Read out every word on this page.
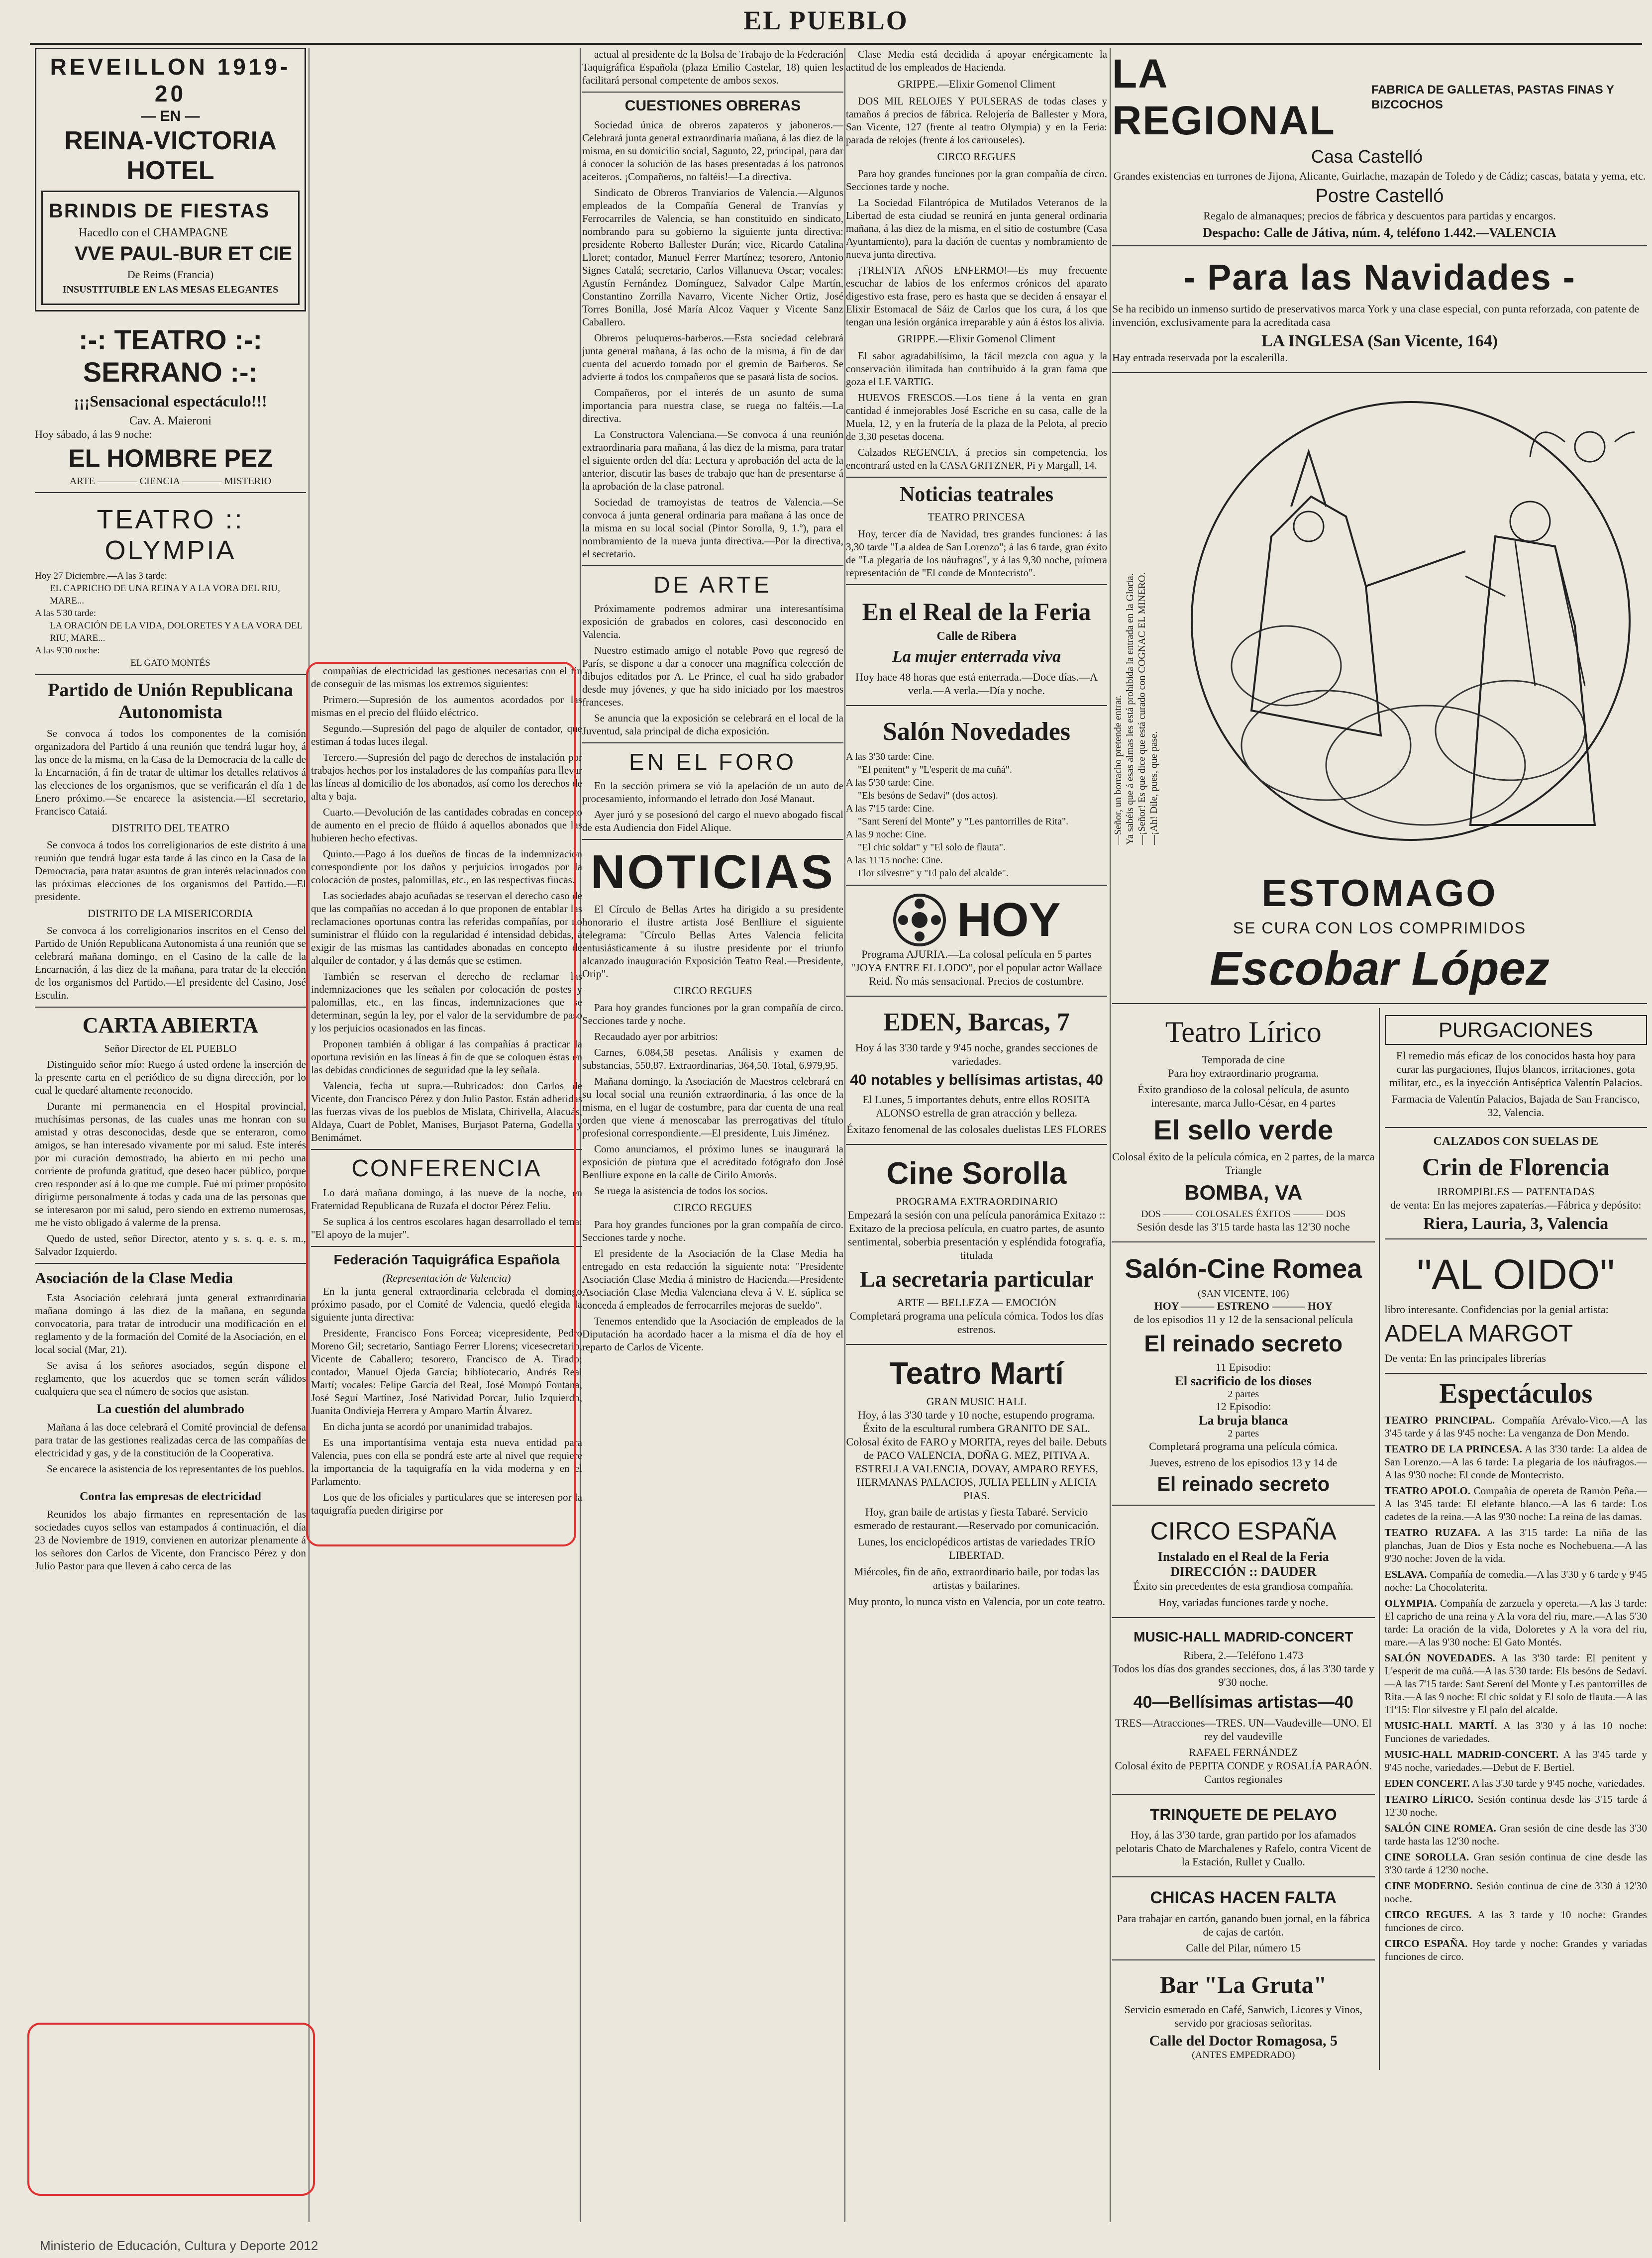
EL PUEBLO
REVEILLON 1919-20
— EN —
REINA-VICTORIA HOTEL
BRINDIS DE FIESTAS
Hacedlo con el CHAMPAGNE
VVE PAUL-BUR ET CIE
De Reims (Francia)
INSUSTITUIBLE EN LAS MESAS ELEGANTES
:-: TEATRO :-: SERRANO :-:
¡¡¡Sensacional espectáculo!!!
Cav. A. Maieroni
Hoy sábado, á las 9 noche:
EL HOMBRE PEZ
ARTE ———— CIENCIA ———— MISTERIO
TEATRO :: OLYMPIA
Hoy 27 Diciembre.—A las 3 tarde:
EL CAPRICHO DE UNA REINA Y A LA VORA DEL RIU, MARE...
A las 5'30 tarde:
LA ORACIÓN DE LA VIDA, DOLORETES Y A LA VORA DEL RIU, MARE...
A las 9'30 noche:
EL GATO MONTÉS
Partido de Unión Republicana Autonomista

Se convoca á todos los componentes de la comisión organizadora del Partido á una reunión que tendrá lugar hoy, á las once de la misma, en la Casa de la Democracia de la calle de la Encarnación, á fin de tratar de ultimar los detalles relativos á las elecciones de los organismos, que se verificarán el día 1 de Enero próximo.—Se encarece la asistencia.—El secretario, Francisco Cataiá.

DISTRITO DEL TEATRO

Se convoca á todos los correligionarios de este distrito á una reunión que tendrá lugar esta tarde á las cinco en la Casa de la Democracia, para tratar asuntos de gran interés relacionados con las próximas elecciones de los organismos del Partido.—El presidente.

DISTRITO DE LA MISERICORDIA

Se convoca á los correligionarios inscritos en el Censo del Partido de Unión Republicana Autonomista á una reunión que se celebrará mañana domingo, en el Casino de la calle de la Encarnación, á las diez de la mañana, para tratar de la elección de los organismos del Partido.—El presidente del Casino, José Esculin.

CARTA ABIERTA

Señor Director de EL PUEBLO

Distinguido señor mío: Ruego á usted ordene la inserción de la presente carta en el periódico de su digna dirección, por lo cual le quedaré altamente reconocido.

Durante mi permanencia en el Hospital provincial, muchísimas personas, de las cuales unas me honran con su amistad y otras desconocidas, desde que se enteraron, como amigos, se han interesado vivamente por mi salud. Este interés por mi curación demostrado, ha abierto en mi pecho una corriente de profunda gratitud, que deseo hacer público, porque creo responder así á lo que me cumple. Fué mi primer propósito dirigirme personalmente á todas y cada una de las personas que se interesaron por mi salud, pero siendo en extremo numerosas, me he visto obligado á valerme de la prensa.

Quedo de usted, señor Director, atento y s. s. q. e. s. m., Salvador Izquierdo.

Asociación de la Clase Media

Esta Asociación celebrará junta general extraordinaria mañana domingo á las diez de la mañana, en segunda convocatoria, para tratar de introducir una modificación en el reglamento y de la formación del Comité de la Asociación, en el local social (Mar, 21).

Se avisa á los señores asociados, según dispone el reglamento, que los acuerdos que se tomen serán válidos cualquiera que sea el número de socios que asistan.

La cuestión del alumbrado

Mañana á las doce celebrará el Comité provincial de defensa para tratar de las gestiones realizadas cerca de las compañías de electricidad y gas, y de la constitución de la Cooperativa.

Se encarece la asistencia de los representantes de los pueblos.

Contra las empresas de electricidad

Reunidos los abajo firmantes en representación de las sociedades cuyos sellos van estampados á continuación, el día 23 de Noviembre de 1919, convienen en autorizar plenamente á los señores don Carlos de Vicente, don Francisco Pérez y don Julio Pastor para que lleven á cabo cerca de las

compañías de electricidad las gestiones necesarias con el fin de conseguir de las mismas los extremos siguientes:

Primero.—Supresión de los aumentos acordados por las mismas en el precio del flúido eléctrico.

Segundo.—Supresión del pago de alquiler de contador, que estiman á todas luces ilegal.

Tercero.—Supresión del pago de derechos de instalación por trabajos hechos por los instaladores de las compañías para llevar las líneas al domicilio de los abonados, así como los derechos de alta y baja.

Cuarto.—Devolución de las cantidades cobradas en concepto de aumento en el precio de flúido á aquellos abonados que las hubieren hecho efectivas.

Quinto.—Pago á los dueños de fincas de la indemnización correspondiente por los daños y perjuicios irrogados por la colocación de postes, palomillas, etc., en las respectivas fincas.

Las sociedades abajo acuñadas se reservan el derecho caso de que las compañías no accedan á lo que proponen de entablar las reclamaciones oportunas contra las referidas compañías, por no suministrar el flúido con la regularidad é intensidad debidas, á exigir de las mismas las cantidades abonadas en concepto de alquiler de contador, y á las demás que se estimen.

También se reservan el derecho de reclamar las indemnizaciones que les señalen por colocación de postes y palomillas, etc., en las fincas, indemnizaciones que se determinan, según la ley, por el valor de la servidumbre de paso y los perjuicios ocasionados en las fincas.

Proponen también á obligar á las compañías á practicar la oportuna revisión en las líneas á fin de que se coloquen éstas en las debidas condiciones de seguridad que la ley señala.

Valencia, fecha ut supra.—Rubricados: don Carlos de Vicente, don Francisco Pérez y don Julio Pastor. Están adheridas las fuerzas vivas de los pueblos de Mislata, Chirivella, Alacuás, Aldaya, Cuart de Poblet, Manises, Burjasot Paterna, Godella y Benimámet.

CONFERENCIA

Lo dará mañana domingo, á las nueve de la noche, en Fraternidad Republicana de Ruzafa el doctor Pérez Feliu.

Se suplica á los centros escolares hagan desarrollado el tema: "El apoyo de la mujer".

Federación Taquigráfica Española
(Representación de Valencia)

En la junta general extraordinaria celebrada el domingo próximo pasado, por el Comité de Valencia, quedó elegida la siguiente junta directiva:

Presidente, Francisco Fons Forcea; vicepresidente, Pedro Moreno Gil; secretario, Santiago Ferrer Llorens; vicesecretario, Vicente de Caballero; tesorero, Francisco de A. Tirado; contador, Manuel Ojeda García; bibliotecario, Andrés Real Martí; vocales: Felipe García del Real, José Mompó Fontana, José Seguí Martínez, José Natividad Porcar, Julio Izquierdo, Juanita Ondivieja Herrera y Amparo Martín Álvarez.

En dicha junta se acordó por unanimidad trabajos.

Es una importantísima ventaja esta nueva entidad para Valencia, pues con ella se pondrá este arte al nivel que requiere la importancia de la taquigrafía en la vida moderna y en el Parlamento.

Los que de los oficiales y particulares que se interesen por la taquigrafía pueden dirigirse por

actual al presidente de la Bolsa de Trabajo de la Federación Taquigráfica Española (plaza Emilio Castelar, 18) quien les facilitará personal competente de ambos sexos.

CUESTIONES OBRERAS

Sociedad única de obreros zapateros y jaboneros.—Celebrará junta general extraordinaria mañana, á las diez de la misma, en su domicilio social, Sagunto, 22, principal, para dar á conocer la solución de las bases presentadas á los patronos aceiteros. ¡Compañeros, no faltéis!—La directiva.

Sindicato de Obreros Tranviarios de Valencia.—Algunos empleados de la Compañía General de Tranvías y Ferrocarriles de Valencia, se han constituido en sindicato, nombrando para su gobierno la siguiente junta directiva: presidente Roberto Ballester Durán; vice, Ricardo Catalina Lloret; contador, Manuel Ferrer Martínez; tesorero, Antonio Signes Catalá; secretario, Carlos Villanueva Oscar; vocales: Agustín Fernández Domínguez, Salvador Calpe Martín, Constantino Zorrilla Navarro, Vicente Nicher Ortiz, José Torres Bonilla, José María Alcoz Vaquer y Vicente Sanz Caballero.

Obreros peluqueros-barberos.—Esta sociedad celebrará junta general mañana, á las ocho de la misma, á fin de dar cuenta del acuerdo tomado por el gremio de Barberos. Se advierte á todos los compañeros que se pasará lista de socios.

Compañeros, por el interés de un asunto de suma importancia para nuestra clase, se ruega no faltéis.—La directiva.

La Constructora Valenciana.—Se convoca á una reunión extraordinaria para mañana, á las diez de la misma, para tratar el siguiente orden del día: Lectura y aprobación del acta de la anterior, discutir las bases de trabajo que han de presentarse á la aprobación de la clase patronal.

Sociedad de tramoyistas de teatros de Valencia.—Se convoca á junta general ordinaria para mañana á las once de la misma en su local social (Pintor Sorolla, 9, 1.º), para el nombramiento de la nueva junta directiva.—Por la directiva, el secretario.

DE ARTE

Próximamente podremos admirar una interesantísima exposición de grabados en colores, casi desconocido en Valencia.

Nuestro estimado amigo el notable Povo que regresó de París, se dispone a dar a conocer una magnífica colección de dibujos editados por A. Le Prince, el cual ha sido grabador desde muy jóvenes, y que ha sido iniciado por los maestros franceses.

Se anuncia que la exposición se celebrará en el local de la Juventud, sala principal de dicha exposición.

EN EL FORO

En la sección primera se vió la apelación de un auto de procesamiento, informando el letrado don José Manaut.

Ayer juró y se posesionó del cargo el nuevo abogado fiscal de esta Audiencia don Fidel Alique.

NOTICIAS

El Círculo de Bellas Artes ha dirigido a su presidente honorario el ilustre artista José Benlliure el siguiente telegrama: "Círculo Bellas Artes Valencia felicita entusiásticamente á su ilustre presidente por el triunfo alcanzado inauguración Exposición Teatro Real.—Presidente, Orip".

CIRCO REGUES

Para hoy grandes funciones por la gran compañía de circo. Secciones tarde y noche.

Recaudado ayer por arbitrios:

Carnes, 6.084,58 pesetas. Análisis y examen de substancias, 550,87. Extraordinarias, 364,50. Total, 6.979,95.

Mañana domingo, la Asociación de Maestros celebrará en su local social una reunión extraordinaria, á las once de la misma, en el lugar de costumbre, para dar cuenta de una real orden que viene á menoscabar las prerrogativas del título profesional correspondiente.—El presidente, Luis Jiménez.

Como anunciamos, el próximo lunes se inaugurará la exposición de pintura que el acreditado fotógrafo don José Benlliure expone en la calle de Cirilo Amorós.

Se ruega la asistencia de todos los socios.

CIRCO REGUES

Para hoy grandes funciones por la gran compañía de circo. Secciones tarde y noche.

El presidente de la Asociación de la Clase Media ha entregado en esta redacción la siguiente nota: "Presidente Asociación Clase Media á ministro de Hacienda.—Presidente Asociación Clase Media Valenciana eleva á V. E. súplica se conceda á empleados de ferrocarriles mejoras de sueldo".

Tenemos entendido que la Asociación de empleados de la Diputación ha acordado hacer a la misma el día de hoy el reparto de Carlos de Vicente.

Clase Media está decidida á apoyar enérgicamente la actitud de los empleados de Hacienda.

GRIPPE.—Elixir Gomenol Climent

DOS MIL RELOJES Y PULSERAS de todas clases y tamaños á precios de fábrica. Relojería de Ballester y Mora, San Vicente, 127 (frente al teatro Olympia) y en la Feria: parada de relojes (frente á los carrouseles).

CIRCO REGUES

Para hoy grandes funciones por la gran compañía de circo. Secciones tarde y noche.

La Sociedad Filantrópica de Mutilados Veteranos de la Libertad de esta ciudad se reunirá en junta general ordinaria mañana, á las diez de la misma, en el sitio de costumbre (Casa Ayuntamiento), para la dación de cuentas y nombramiento de nueva junta directiva.

¡TREINTA AÑOS ENFERMO!—Es muy frecuente escuchar de labios de los enfermos crónicos del aparato digestivo esta frase, pero es hasta que se deciden á ensayar el Elixir Estomacal de Sáiz de Carlos que los cura, á los que tengan una lesión orgánica irreparable y aún á éstos los alivia.

GRIPPE.—Elixir Gomenol Climent

El sabor agradabilísimo, la fácil mezcla con agua y la conservación ilimitada han contribuido á la gran fama que goza el LE VARTIG.

HUEVOS FRESCOS.—Los tiene á la venta en gran cantidad é inmejorables José Escriche en su casa, calle de la Muela, 12, y en la frutería de la plaza de la Pelota, al precio de 3,30 pesetas docena.

Calzados REGENCIA, á precios sin competencia, los encontrará usted en la CASA GRITZNER, Pi y Margall, 14.

Noticias teatrales
TEATRO PRINCESA

Hoy, tercer día de Navidad, tres grandes funciones: á las 3,30 tarde "La aldea de San Lorenzo"; á las 6 tarde, gran éxito de "La plegaria de los náufragos", y á las 9,30 noche, primera representación de "El conde de Montecristo".

En el Real de la Feria
Calle de Ribera
La mujer enterrada viva

Hoy hace 48 horas que está enterrada.—Doce días.—A verla.—A verla.—Día y noche.

Salón Novedades
A las 3'30 tarde: Cine.
"El penitent" y "L'esperit de ma cuñá".
A las 5'30 tarde: Cine.
"Els besóns de Sedaví" (dos actos).
A las 7'15 tarde: Cine.
"Sant Serení del Monte" y "Les pantorrilles de Rita".
A las 9 noche: Cine.
"El chic soldat" y "El solo de flauta".
A las 11'15 noche: Cine.
Flor silvestre" y "El palo del alcalde".
HOY

Programa AJURIA.—La colosal película en 5 partes "JOYA ENTRE EL LODO", por el popular actor Wallace Reid. Ño más sensacional. Precios de costumbre.

EDEN, Barcas, 7

Hoy á las 3'30 tarde y 9'45 noche, grandes secciones de variedades.

40 notables y bellísimas artistas, 40

El Lunes, 5 importantes debuts, entre ellos ROSITA ALONSO estrella de gran atracción y belleza.

Éxitazo fenomenal de las colosales duelistas LES FLORES

Cine Sorolla
PROGRAMA EXTRAORDINARIO

Empezará la sesión con una película panorámica Exitazo :: Exitazo de la preciosa película, en cuatro partes, de asunto sentimental, soberbia presentación y espléndida fotografía, titulada

La secretaria particular
ARTE — BELLEZA — EMOCIÓN

Completará programa una película cómica. Todos los días estrenos.

Teatro Martí
GRAN MUSIC HALL

Hoy, á las 3'30 tarde y 10 noche, estupendo programa. Éxito de la escultural rumbera GRANITO DE SAL. Colosal éxito de FARO y MORITA, reyes del baile. Debuts de PACO VALENCIA, DOÑA G. MEZ, PITIVA A. ESTRELLA VALENCIA, DOVAY, AMPARO REYES, HERMANAS PALACIOS, JULIA PELLIN y ALICIA PIAS.

Hoy, gran baile de artistas y fiesta Tabaré. Servicio esmerado de restaurant.—Reservado por comunicación.

Lunes, los enciclopédicos artistas de variedades TRÍO LIBERTAD.

Miércoles, fin de año, extraordinario baile, por todas las artistas y bailarines.

Muy pronto, lo nunca visto en Valencia, por un cote teatro.

LA REGIONAL
FABRICA DE GALLETAS, PASTAS FINAS Y BIZCOCHOS
Casa Castelló

Grandes existencias en turrones de Jijona, Alicante, Guirlache, mazapán de Toledo y de Cádiz; cascas, batata y yema, etc.

Postre Castelló

Regalo de almanaques; precios de fábrica y descuentos para partidas y encargos.

Despacho: Calle de Játiva, núm. 4, teléfono 1.442.—VALENCIA
- Para las Navidades -

Se ha recibido un inmenso surtido de preservativos marca York y una clase especial, con punta reforzada, con patente de invención, exclusivamente para la acreditada casa

LA INGLESA (San Vicente, 164)

Hay entrada reservada por la escalerilla.

—Señor, un borracho pretende entrar. Ya sabéis que á esas almas les está prohibida la entrada en la Gloria. —¡Señor! Es que dice que está curado con COGNAC EL MINERO. —¡Ah! Dile, pues, que pase.
ESTOMAGO
SE CURA CON LOS COMPRIMIDOS
Escobar López
Teatro Lírico
Temporada de cine

Para hoy extraordinario programa.

Éxito grandioso de la colosal película, de asunto interesante, marca Jullo-César, en 4 partes

El sello verde

Colosal éxito de la película cómica, en 2 partes, de la marca Triangle

BOMBA, VA
DOS ——— COLOSALES ÉXITOS ——— DOS

Sesión desde las 3'15 tarde hasta las 12'30 noche

Salón-Cine Romea
(SAN VICENTE, 106)
HOY ——— ESTRENO ——— HOY

de los episodios 11 y 12 de la sensacional película

El reinado secreto
11 Episodio:
El sacrificio de los dioses
2 partes
12 Episodio:
La bruja blanca
2 partes

Completará programa una película cómica.

Jueves, estreno de los episodios 13 y 14 de

El reinado secreto
CIRCO ESPAÑA
Instalado en el Real de la Feria
DIRECCIÓN :: DAUDER

Éxito sin precedentes de esta grandiosa compañía.

Hoy, variadas funciones tarde y noche.

MUSIC-HALL MADRID-CONCERT
Ribera, 2.—Teléfono 1.473

Todos los días dos grandes secciones, dos, á las 3'30 tarde y 9'30 noche.

40—Bellísimas artistas—40

TRES—Atracciones—TRES. UN—Vaudeville—UNO. El rey del vaudeville

RAFAEL FERNÁNDEZ

Colosal éxito de PEPITA CONDE y ROSALÍA PARAÓN. Cantos regionales

TRINQUETE DE PELAYO

Hoy, á las 3'30 tarde, gran partido por los afamados pelotaris Chato de Marchalenes y Rafelo, contra Vicent de la Estación, Rullet y Cuallo.

CHICAS HACEN FALTA

Para trabajar en cartón, ganando buen jornal, en la fábrica de cajas de cartón.

Calle del Pilar, número 15
Bar "La Gruta"

Servicio esmerado en Café, Sanwich, Licores y Vinos, servido por graciosas señoritas.

Calle del Doctor Romagosa, 5
(ANTES EMPEDRADO)
PURGACIONES

El remedio más eficaz de los conocidos hasta hoy para curar las purgaciones, flujos blancos, irritaciones, gota militar, etc., es la inyección Antiséptica Valentín Palacios.

Farmacia de Valentín Palacios, Bajada de San Francisco, 32, Valencia.

CALZADOS CON SUELAS DE
Crin de Florencia
IRROMPIBLES — PATENTADAS

de venta: En las mejores zapaterías.—Fábrica y depósito:

Riera, Lauria, 3, Valencia
"AL OIDO"

libro interesante. Confidencias por la genial artista:

ADELA MARGOT

De venta: En las principales librerías

Espectáculos

TEATRO PRINCIPAL. Compañía Arévalo-Vico.—A las 3'45 tarde y á las 9'45 noche: La venganza de Don Mendo.

TEATRO DE LA PRINCESA. A las 3'30 tarde: La aldea de San Lorenzo.—A las 6 tarde: La plegaria de los náufragos.—A las 9'30 noche: El conde de Montecristo.

TEATRO APOLO. Compañía de opereta de Ramón Peña.—A las 3'45 tarde: El elefante blanco.—A las 6 tarde: Los cadetes de la reina.—A las 9'30 noche: La reina de las damas.

TEATRO RUZAFA. A las 3'15 tarde: La niña de las planchas, Juan de Dios y Esta noche es Nochebuena.—A las 9'30 noche: Joven de la vida.

ESLAVA. Compañía de comedia.—A las 3'30 y 6 tarde y 9'45 noche: La Chocolaterita.

OLYMPIA. Compañía de zarzuela y opereta.—A las 3 tarde: El capricho de una reina y A la vora del riu, mare.—A las 5'30 tarde: La oración de la vida, Doloretes y A la vora del riu, mare.—A las 9'30 noche: El Gato Montés.

SALÓN NOVEDADES. A las 3'30 tarde: El penitent y L'esperit de ma cuñá.—A las 5'30 tarde: Els besóns de Sedaví.—A las 7'15 tarde: Sant Serení del Monte y Les pantorrilles de Rita.—A las 9 noche: El chic soldat y El solo de flauta.—A las 11'15: Flor silvestre y El palo del alcalde.

MUSIC-HALL MARTÍ. A las 3'30 y á las 10 noche: Funciones de variedades.

MUSIC-HALL MADRID-CONCERT. A las 3'45 tarde y 9'45 noche, variedades.—Debut de F. Bertiel.

EDEN CONCERT. A las 3'30 tarde y 9'45 noche, variedades.

TEATRO LÍRICO. Sesión continua desde las 3'15 tarde á 12'30 noche.

SALÓN CINE ROMEA. Gran sesión de cine desde las 3'30 tarde hasta las 12'30 noche.

CINE SOROLLA. Gran sesión continua de cine desde las 3'30 tarde á 12'30 noche.

CINE MODERNO. Sesión continua de cine de 3'30 á 12'30 noche.

CIRCO REGUES. A las 3 tarde y 10 noche: Grandes funciones de circo.

CIRCO ESPAÑA. Hoy tarde y noche: Grandes y variadas funciones de circo.

Ministerio de Educación, Cultura y Deporte 2012
